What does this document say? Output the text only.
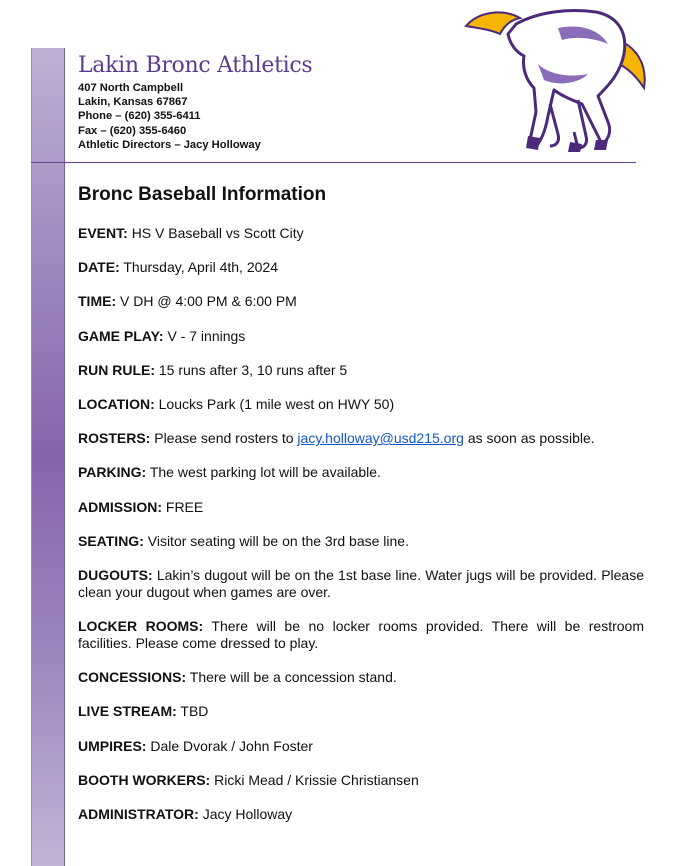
Lakin Bronc Athletics
407 North Campbell
Lakin, Kansas 67867
Phone – (620) 355-6411
Fax – (620) 355-6460
Athletic Directors – Jacy Holloway
Bronc Baseball Information
EVENT: HS V Baseball vs Scott City
DATE: Thursday, April 4th, 2024
TIME: V DH @ 4:00 PM & 6:00 PM
GAME PLAY: V - 7 innings
RUN RULE: 15 runs after 3, 10 runs after 5
LOCATION: Loucks Park (1 mile west on HWY 50)
ROSTERS: Please send rosters to jacy.holloway@usd215.org as soon as possible.
PARKING: The west parking lot will be available.
ADMISSION: FREE
SEATING: Visitor seating will be on the 3rd base line.
DUGOUTS: Lakin’s dugout will be on the 1st base line. Water jugs will be provided. Please clean your dugout when games are over.
LOCKER ROOMS: There will be no locker rooms provided. There will be restroom facilities. Please come dressed to play.
CONCESSIONS: There will be a concession stand.
LIVE STREAM: TBD
UMPIRES: Dale Dvorak / John Foster
BOOTH WORKERS: Ricki Mead / Krissie Christiansen
ADMINISTRATOR: Jacy Holloway
